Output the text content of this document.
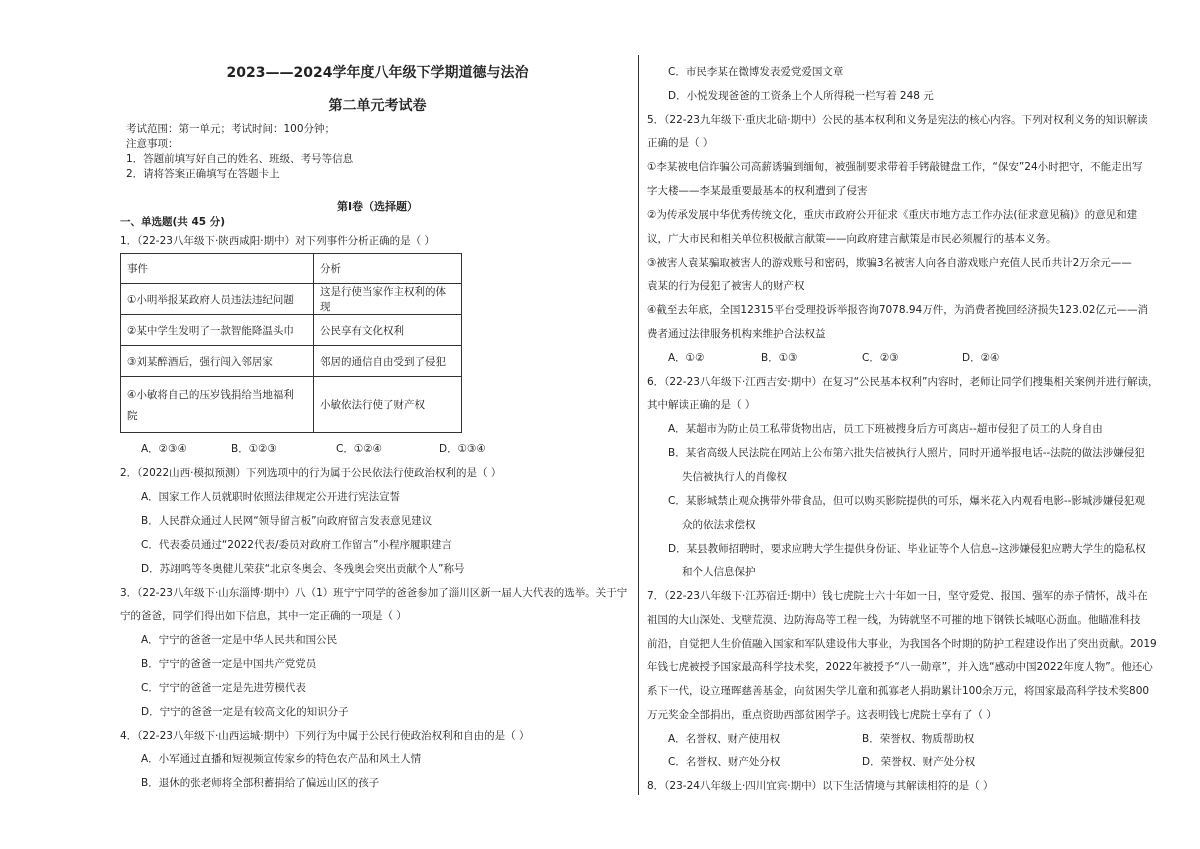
2023——2024学年度八年级下学期道德与法治
第二单元考试卷
考试范围：第一单元；考试时间：100分钟；
注意事项：
1．答题前填写好自己的姓名、班级、考号等信息
2．请将答案正确填写在答题卡上
第Ⅰ卷（选择题）
一、单选题(共 45 分)
1．（22-23八年级下·陕西咸阳·期中）对下列事件分析正确的是（ ）
事件	分析
①小明举报某政府人员违法违纪问题	这是行使当家作主权利的体现
②某中学生发明了一款智能降温头巾	公民享有文化权利
③刘某醉酒后，强行闯入邻居家	邻居的通信自由受到了侵犯

④小敏将自己的压岁钱捐给当地福利
院	小敏依法行使了财产权
A．②③④	B．①②③	C．①②④	D．①③④
2．（2022山西·模拟预测）下列选项中的行为属于公民依法行使政治权利的是（ ）
A．国家工作人员就职时依照法律规定公开进行宪法宣誓
B．人民群众通过人民网“领导留言板”向政府留言发表意见建议
C．代表委员通过“2022代表/委员对政府工作留言”小程序履职建言
D．苏翊鸣等冬奥健儿荣获“北京冬奥会、冬残奥会突出贡献个人”称号
3．（22-23八年级下·山东淄博·期中）八（1）班宁宁同学的爸爸参加了淄川区新一届人大代表的选举。关于宁
宁的爸爸，同学们得出如下信息，其中一定正确的一项是（ ）
A．宁宁的爸爸一定是中华人民共和国公民
B．宁宁的爸爸一定是中国共产党党员
C．宁宁的爸爸一定是先进劳模代表
D．宁宁的爸爸一定是有较高文化的知识分子
4．（22-23八年级下·山西运城·期中）下列行为中属于公民行使政治权利和自由的是（ ）
A．小军通过直播和短视频宣传家乡的特色农产品和风土人情
B．退休的张老师将全部积蓄捐给了偏远山区的孩子
C．市民李某在微博发表爱党爱国文章
D．小悦发现爸爸的工资条上个人所得税一栏写着 248 元
5．（22-23九年级下·重庆北碚·期中）公民的基本权利和义务是宪法的核心内容。下列对权利义务的知识解读
正确的是（ ）
①李某被电信诈骗公司高薪诱骗到缅甸，被强制要求带着手铐敲键盘工作，“保安”24小时把守，不能走出写
字大楼——李某最重要最基本的权利遭到了侵害
②为传承发展中华优秀传统文化，重庆市政府公开征求《重庆市地方志工作办法(征求意见稿)》的意见和建
议，广大市民和相关单位积极献言献策——向政府建言献策是市民必须履行的基本义务。
③被害人袁某骗取被害人的游戏账号和密码，欺骗3名被害人向各自游戏账户充值人民币共计2万余元——
袁某的行为侵犯了被害人的财产权
④截至去年底，全国12315平台受理投诉举报咨询7078.94万件，为消费者挽回经济损失123.02亿元——消
费者通过法律服务机构来维护合法权益
A．①②	B．①③	C．②③	D．②④
6．（22-23八年级下·江西吉安·期中）在复习“公民基本权利”内容时，老师让同学们搜集相关案例并进行解读，
其中解读正确的是（ ）
A．某超市为防止员工私带货物出店，员工下班被搜身后方可离店--超市侵犯了员工的人身自由
B．某省高级人民法院在网站上公布第六批失信被执行人照片，同时开通举报电话--法院的做法涉嫌侵犯
失信被执行人的肖像权
C．某影城禁止观众携带外带食品，但可以购买影院提供的可乐，爆米花入内观看电影--影城涉嫌侵犯观
众的依法求偿权
D．某县教师招聘时，要求应聘大学生提供身份证、毕业证等个人信息--这涉嫌侵犯应聘大学生的隐私权
和个人信息保护
7．（22-23八年级下·江苏宿迁·期中）钱七虎院士六十年如一日，坚守爱党、报国、强军的赤子情怀，战斗在
祖国的大山深处、戈壁荒漠、边防海岛等工程一线，为铸就坚不可摧的地下钢铁长城呕心沥血。他瞄准科技
前沿，自觉把人生价值融入国家和军队建设伟大事业，为我国各个时期的防护工程建设作出了突出贡献。2019
年钱七虎被授予国家最高科学技术奖，2022年被授予“八一勋章”，并入选“感动中国2022年度人物”。他还心
系下一代，设立瑾晖慈善基金，向贫困失学儿童和孤寡老人捐助累计100余万元，将国家最高科学技术奖800
万元奖金全部捐出，重点资助西部贫困学子。这表明钱七虎院士享有了（ ）
A．名誉权、财产使用权	B．荣誉权、物质帮助权
C．名誉权、财产处分权	D．荣誉权、财产处分权
8．（23-24八年级上·四川宜宾·期中）以下生活情境与其解读相符的是（ ）
